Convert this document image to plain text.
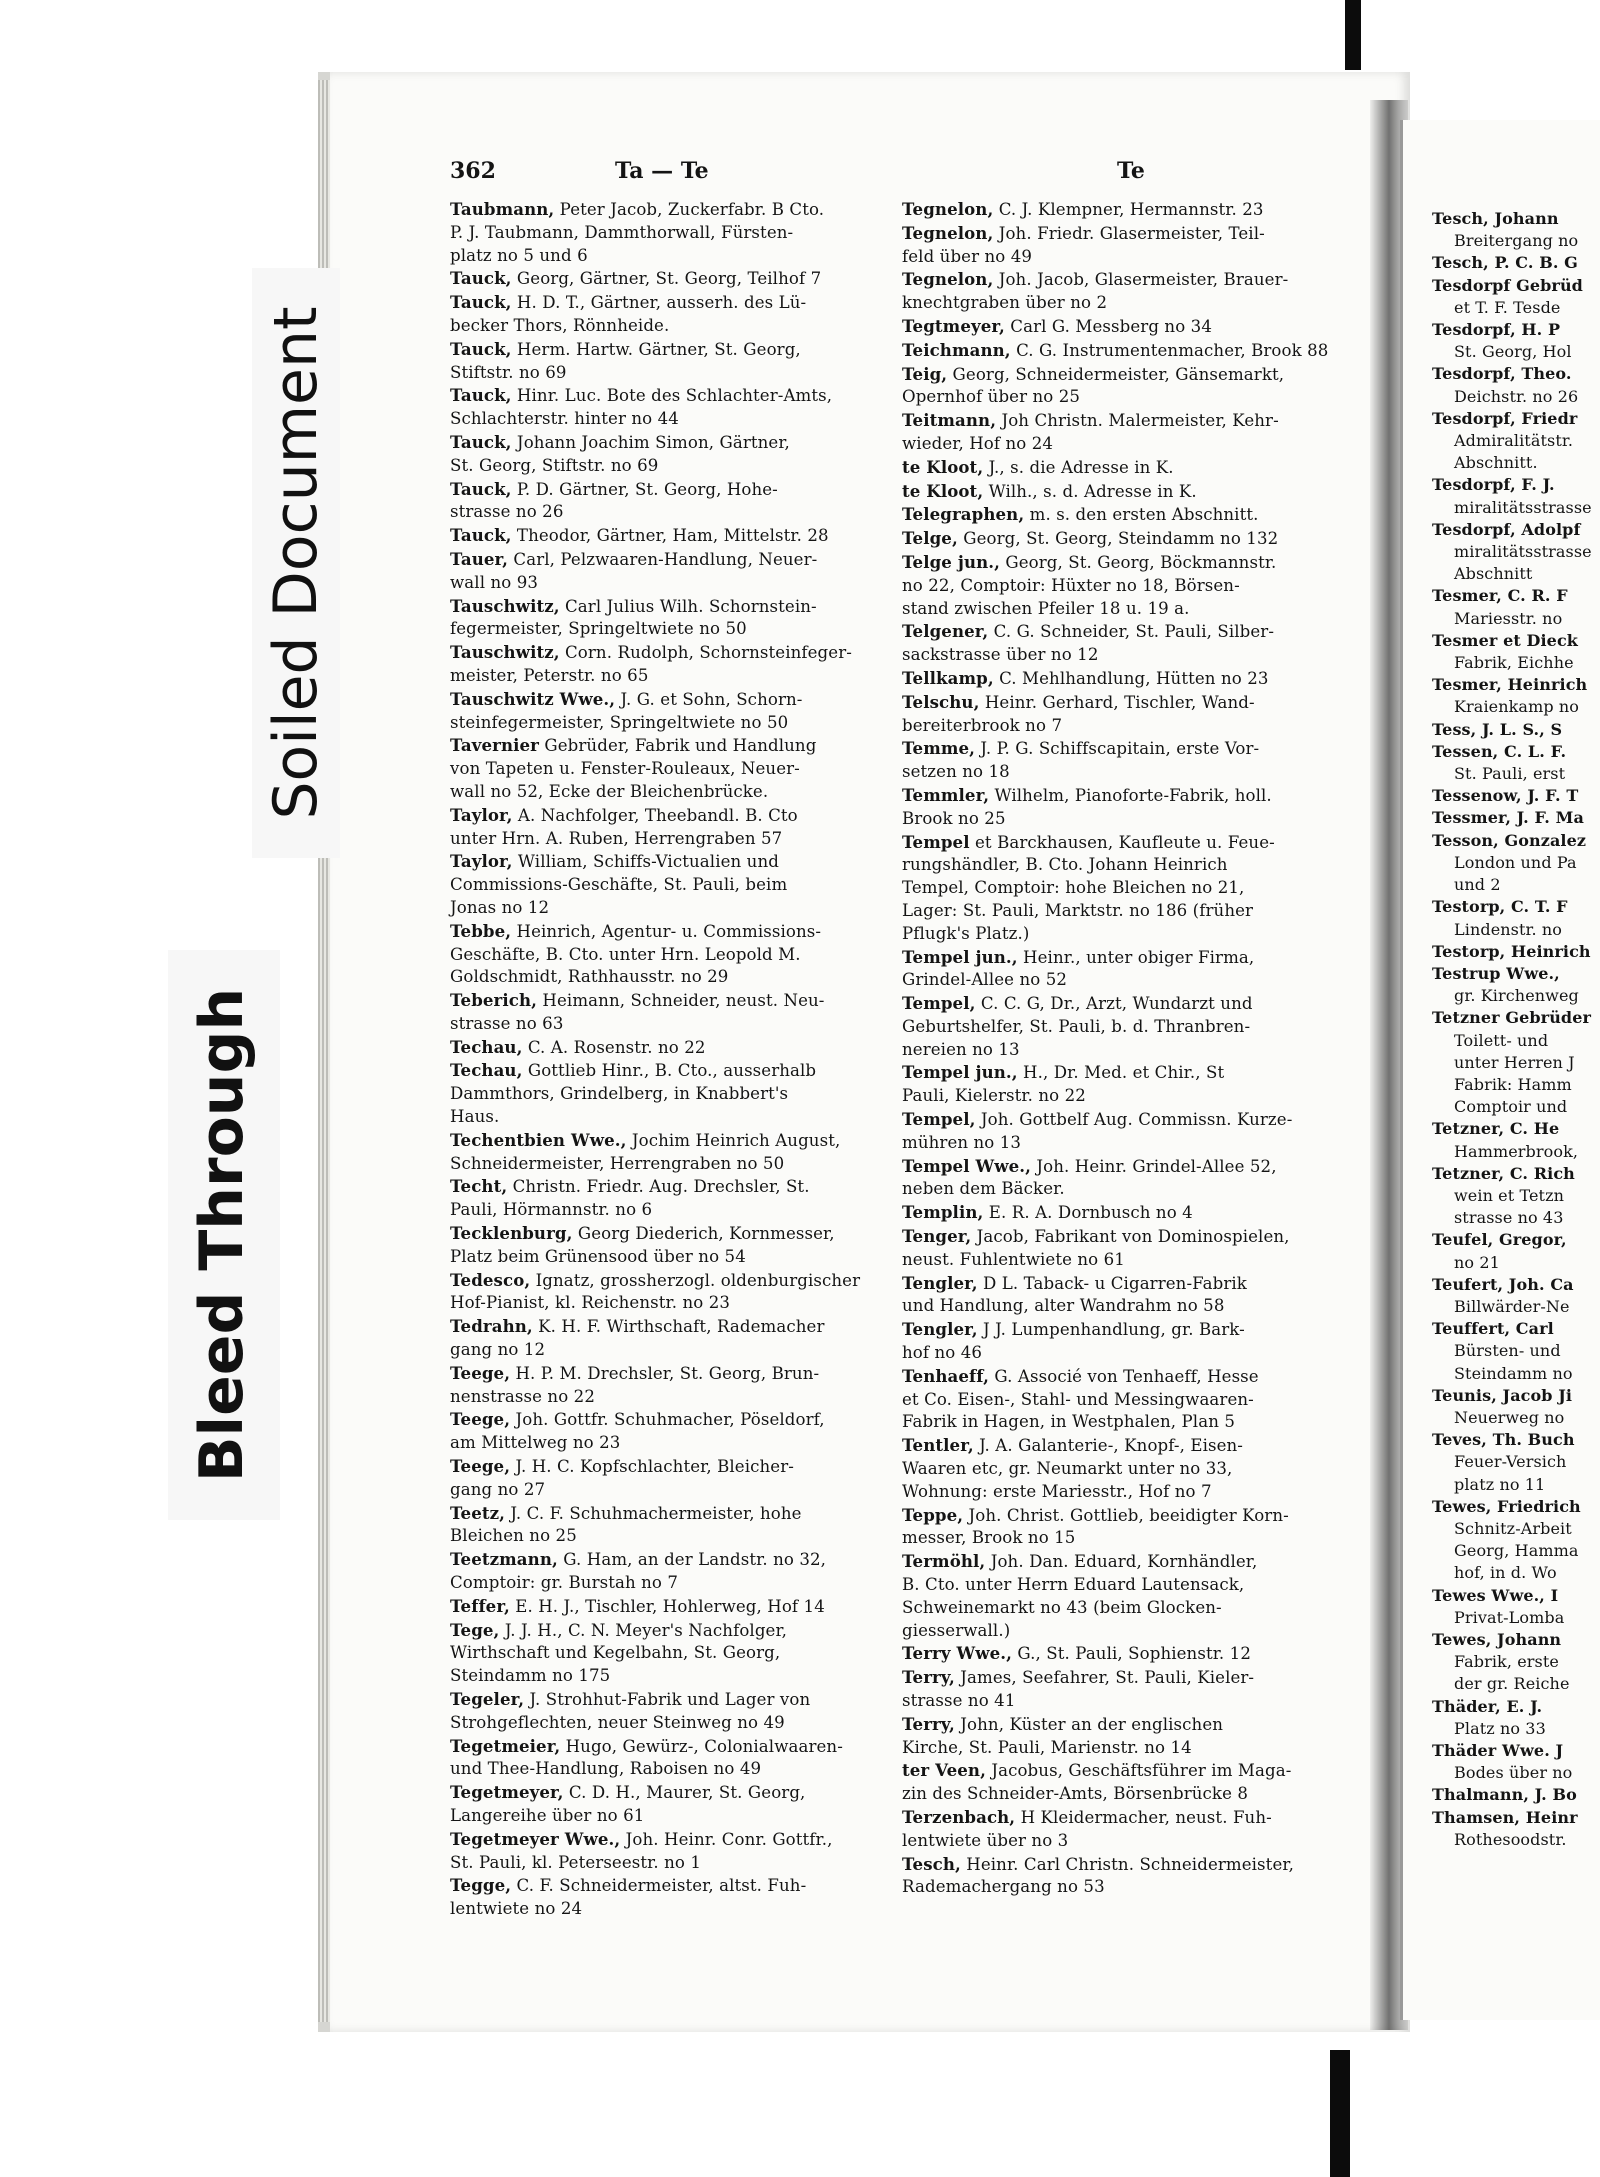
362	Ta — Te	Te
Taubmann, Peter Jacob, Zuckerfabr. B Cto.
P. J. Taubmann, Dammthorwall, Fürsten-
platz no 5 und 6
Tauck, Georg, Gärtner, St. Georg, Teilhof 7
Tauck, H. D. T., Gärtner, ausserh. des Lü-
becker Thors, Rönnheide.
Tauck, Herm. Hartw. Gärtner, St. Georg,
Stiftstr. no 69
Tauck, Hinr. Luc. Bote des Schlachter-Amts,
Schlachterstr. hinter no 44
Tauck, Johann Joachim Simon, Gärtner,
St. Georg, Stiftstr. no 69
Tauck, P. D. Gärtner, St. Georg, Hohe-
strasse no 26
Tauck, Theodor, Gärtner, Ham, Mittelstr. 28
Tauer, Carl, Pelzwaaren-Handlung, Neuer-
wall no 93
Tauschwitz, Carl Julius Wilh. Schornstein-
fegermeister, Springeltwiete no 50
Tauschwitz, Corn. Rudolph, Schornsteinfeger-
meister, Peterstr. no 65
Tauschwitz Wwe., J. G. et Sohn, Schorn-
steinfegermeister, Springeltwiete no 50
Tavernier Gebrüder, Fabrik und Handlung
von Tapeten u. Fenster-Rouleaux, Neuer-
wall no 52, Ecke der Bleichenbrücke.
Taylor, A. Nachfolger, Theebandl. B. Cto
unter Hrn. A. Ruben, Herrengraben 57
Taylor, William, Schiffs-Victualien und
Commissions-Geschäfte, St. Pauli, beim
Jonas no 12
Tebbe, Heinrich, Agentur- u. Commissions-
Geschäfte, B. Cto. unter Hrn. Leopold M.
Goldschmidt, Rathhausstr. no 29
Teberich, Heimann, Schneider, neust. Neu-
strasse no 63
Techau, C. A. Rosenstr. no 22
Techau, Gottlieb Hinr., B. Cto., ausserhalb
Dammthors, Grindelberg, in Knabbert's
Haus.
Techentbien Wwe., Jochim Heinrich August,
Schneidermeister, Herrengraben no 50
Techt, Christn. Friedr. Aug. Drechsler, St.
Pauli, Hörmannstr. no 6
Tecklenburg, Georg Diederich, Kornmesser,
Platz beim Grünensood über no 54
Tedesco, Ignatz, grossherzogl. oldenburgischer
Hof-Pianist, kl. Reichenstr. no 23
Tedrahn, K. H. F. Wirthschaft, Rademacher
gang no 12
Teege, H. P. M. Drechsler, St. Georg, Brun-
nenstrasse no 22
Teege, Joh. Gottfr. Schuhmacher, Pöseldorf,
am Mittelweg no 23
Teege, J. H. C. Kopfschlachter, Bleicher-
gang no 27
Teetz, J. C. F. Schuhmachermeister, hohe
Bleichen no 25
Teetzmann, G. Ham, an der Landstr. no 32,
Comptoir: gr. Burstah no 7
Teffer, E. H. J., Tischler, Hohlerweg, Hof 14
Tege, J. J. H., C. N. Meyer's Nachfolger,
Wirthschaft und Kegelbahn, St. Georg,
Steindamm no 175
Tegeler, J. Strohhut-Fabrik und Lager von
Strohgeflechten, neuer Steinweg no 49
Tegetmeier, Hugo, Gewürz-, Colonialwaaren-
und Thee-Handlung, Raboisen no 49
Tegetmeyer, C. D. H., Maurer, St. Georg,
Langereihe über no 61
Tegetmeyer Wwe., Joh. Heinr. Conr. Gottfr.,
St. Pauli, kl. Peterseestr. no 1
Tegge, C. F. Schneidermeister, altst. Fuh-
lentwiete no 24
Tegnelon, C. J. Klempner, Hermannstr. 23
Tegnelon, Joh. Friedr. Glasermeister, Teil-
feld über no 49
Tegnelon, Joh. Jacob, Glasermeister, Brauer-
knechtgraben über no 2
Tegtmeyer, Carl G. Messberg no 34
Teichmann, C. G. Instrumentenmacher, Brook 88
Teig, Georg, Schneidermeister, Gänsemarkt,
Opernhof über no 25
Teitmann, Joh Christn. Malermeister, Kehr-
wieder, Hof no 24
te Kloot, J., s. die Adresse in K.
te Kloot, Wilh., s. d. Adresse in K.
Telegraphen, m. s. den ersten Abschnitt.
Telge, Georg, St. Georg, Steindamm no 132
Telge jun., Georg, St. Georg, Böckmannstr.
no 22, Comptoir: Hüxter no 18, Börsen-
stand zwischen Pfeiler 18 u. 19 a.
Telgener, C. G. Schneider, St. Pauli, Silber-
sackstrasse über no 12
Tellkamp, C. Mehlhandlung, Hütten no 23
Telschu, Heinr. Gerhard, Tischler, Wand-
bereiterbrook no 7
Temme, J. P. G. Schiffscapitain, erste Vor-
setzen no 18
Temmler, Wilhelm, Pianoforte-Fabrik, holl.
Brook no 25
Tempel et Barckhausen, Kaufleute u. Feue-
rungshändler, B. Cto. Johann Heinrich
Tempel, Comptoir: hohe Bleichen no 21,
Lager: St. Pauli, Marktstr. no 186 (früher
Pflugk's Platz.)
Tempel jun., Heinr., unter obiger Firma,
Grindel-Allee no 52
Tempel, C. C. G, Dr., Arzt, Wundarzt und
Geburtshelfer, St. Pauli, b. d. Thranbren-
nereien no 13
Tempel jun., H., Dr. Med. et Chir., St
Pauli, Kielerstr. no 22
Tempel, Joh. Gottbelf Aug. Commissn. Kurze-
mühren no 13
Tempel Wwe., Joh. Heinr. Grindel-Allee 52,
neben dem Bäcker.
Templin, E. R. A. Dornbusch no 4
Tenger, Jacob, Fabrikant von Dominospielen,
neust. Fuhlentwiete no 61
Tengler, D L. Taback- u Cigarren-Fabrik
und Handlung, alter Wandrahm no 58
Tengler, J J. Lumpenhandlung, gr. Bark-
hof no 46
Tenhaeff, G. Associé von Tenhaeff, Hesse
et Co. Eisen-, Stahl- und Messingwaaren-
Fabrik in Hagen, in Westphalen, Plan 5
Tentler, J. A. Galanterie-, Knopf-, Eisen-
Waaren etc, gr. Neumarkt unter no 33,
Wohnung: erste Mariesstr., Hof no 7
Teppe, Joh. Christ. Gottlieb, beeidigter Korn-
messer, Brook no 15
Termöhl, Joh. Dan. Eduard, Kornhändler,
B. Cto. unter Herrn Eduard Lautensack,
Schweinemarkt no 43 (beim Glocken-
giesserwall.)
Terry Wwe., G., St. Pauli, Sophienstr. 12
Terry, James, Seefahrer, St. Pauli, Kieler-
strasse no 41
Terry, John, Küster an der englischen
Kirche, St. Pauli, Marienstr. no 14
ter Veen, Jacobus, Geschäftsführer im Maga-
zin des Schneider-Amts, Börsenbrücke 8
Terzenbach, H Kleidermacher, neust. Fuh-
lentwiete über no 3
Tesch, Heinr. Carl Christn. Schneidermeister,
Rademachergang no 53
Tesch, Johann
Breitergang no
Tesch, P. C. B. G
Tesdorpf Gebrüd
et T. F. Tesde
Tesdorpf, H. P
St. Georg, Hol
Tesdorpf, Theo.
Deichstr. no 26
Tesdorpf, Friedr
Admiralitätstr.
Abschnitt.
Tesdorpf, F. J.
miralitätsstrasse
Tesdorpf, Adolpf
miralitätsstrasse
Abschnitt
Tesmer, C. R. F
Mariesstr. no
Tesmer et Dieck
Fabrik, Eichhe
Tesmer, Heinrich
Kraienkamp no
Tess, J. L. S., S
Tessen, C. L. F.
St. Pauli, erst
Tessenow, J. F. T
Tessmer, J. F. Ma
Tesson, Gonzalez
London und Pa
und 2
Testorp, C. T. F
Lindenstr. no
Testorp, Heinrich
Testrup Wwe.,
gr. Kirchenweg
Tetzner Gebrüder
Toilett- und
unter Herren J
Fabrik: Hamm
Comptoir und
Tetzner, C. He
Hammerbrook,
Tetzner, C. Rich
wein et Tetzn
strasse no 43
Teufel, Gregor,
no 21
Teufert, Joh. Ca
Billwärder-Ne
Teuffert, Carl
Bürsten- und
Steindamm no
Teunis, Jacob Ji
Neuerweg no
Teves, Th. Buch
Feuer-Versich
platz no 11
Tewes, Friedrich
Schnitz-Arbeit
Georg, Hamma
hof, in d. Wo
Tewes Wwe., I
Privat-Lomba
Tewes, Johann
Fabrik, erste
der gr. Reiche
Thäder, E. J.
Platz no 33
Thäder Wwe. J
Bodes über no
Thalmann, J. Bo
Thamsen, Heinr
Rothesoodstr.
Soiled Document
Bleed Through
